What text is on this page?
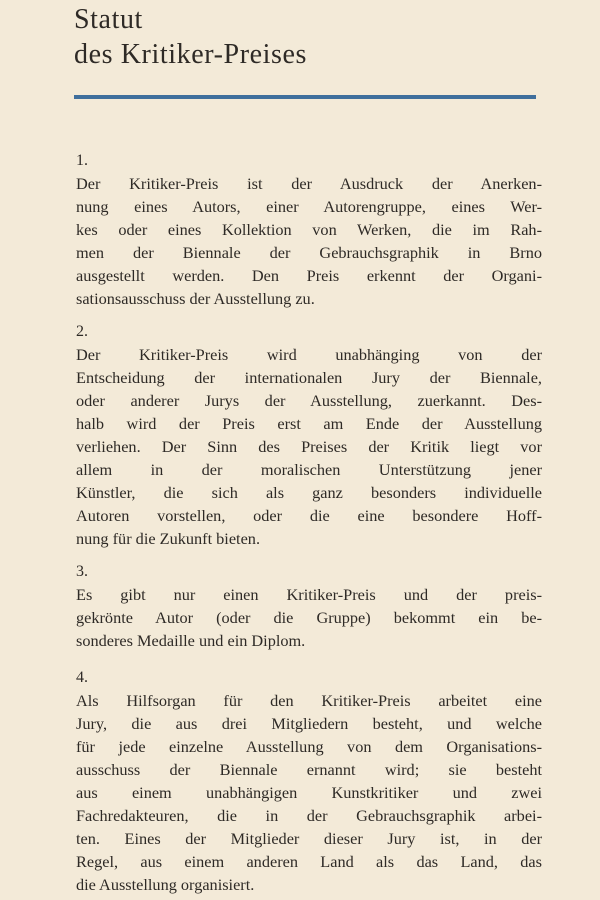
Statut
des Kritiker-Preises
1.
Der Kritiker-Preis ist der Ausdruck der Anerken-
nung eines Autors, einer Autorengruppe, eines Wer-
kes oder eines Kollektion von Werken, die im Rah-
men der Biennale der Gebrauchsgraphik in Brno
ausgestellt werden. Den Preis erkennt der Organi-
sationsausschuss der Ausstellung zu.
2.
Der Kritiker-Preis wird unabhänging von der
Entscheidung der internationalen Jury der Biennale,
oder anderer Jurys der Ausstellung, zuerkannt. Des-
halb wird der Preis erst am Ende der Ausstellung
verliehen. Der Sinn des Preises der Kritik liegt vor
allem in der moralischen Unterstützung jener
Künstler, die sich als ganz besonders individuelle
Autoren vorstellen, oder die eine besondere Hoff-
nung für die Zukunft bieten.
3.
Es gibt nur einen Kritiker-Preis und der preis-
gekrönte Autor (oder die Gruppe) bekommt ein be-
sonderes Medaille und ein Diplom.
4.
Als Hilfsorgan für den Kritiker-Preis arbeitet eine
Jury, die aus drei Mitgliedern besteht, und welche
für jede einzelne Ausstellung von dem Organisations-
ausschuss der Biennale ernannt wird; sie besteht
aus einem unabhängigen Kunstkritiker und zwei
Fachredakteuren, die in der Gebrauchsgraphik arbei-
ten. Eines der Mitglieder dieser Jury ist, in der
Regel, aus einem anderen Land als das Land, das
die Ausstellung organisiert.
